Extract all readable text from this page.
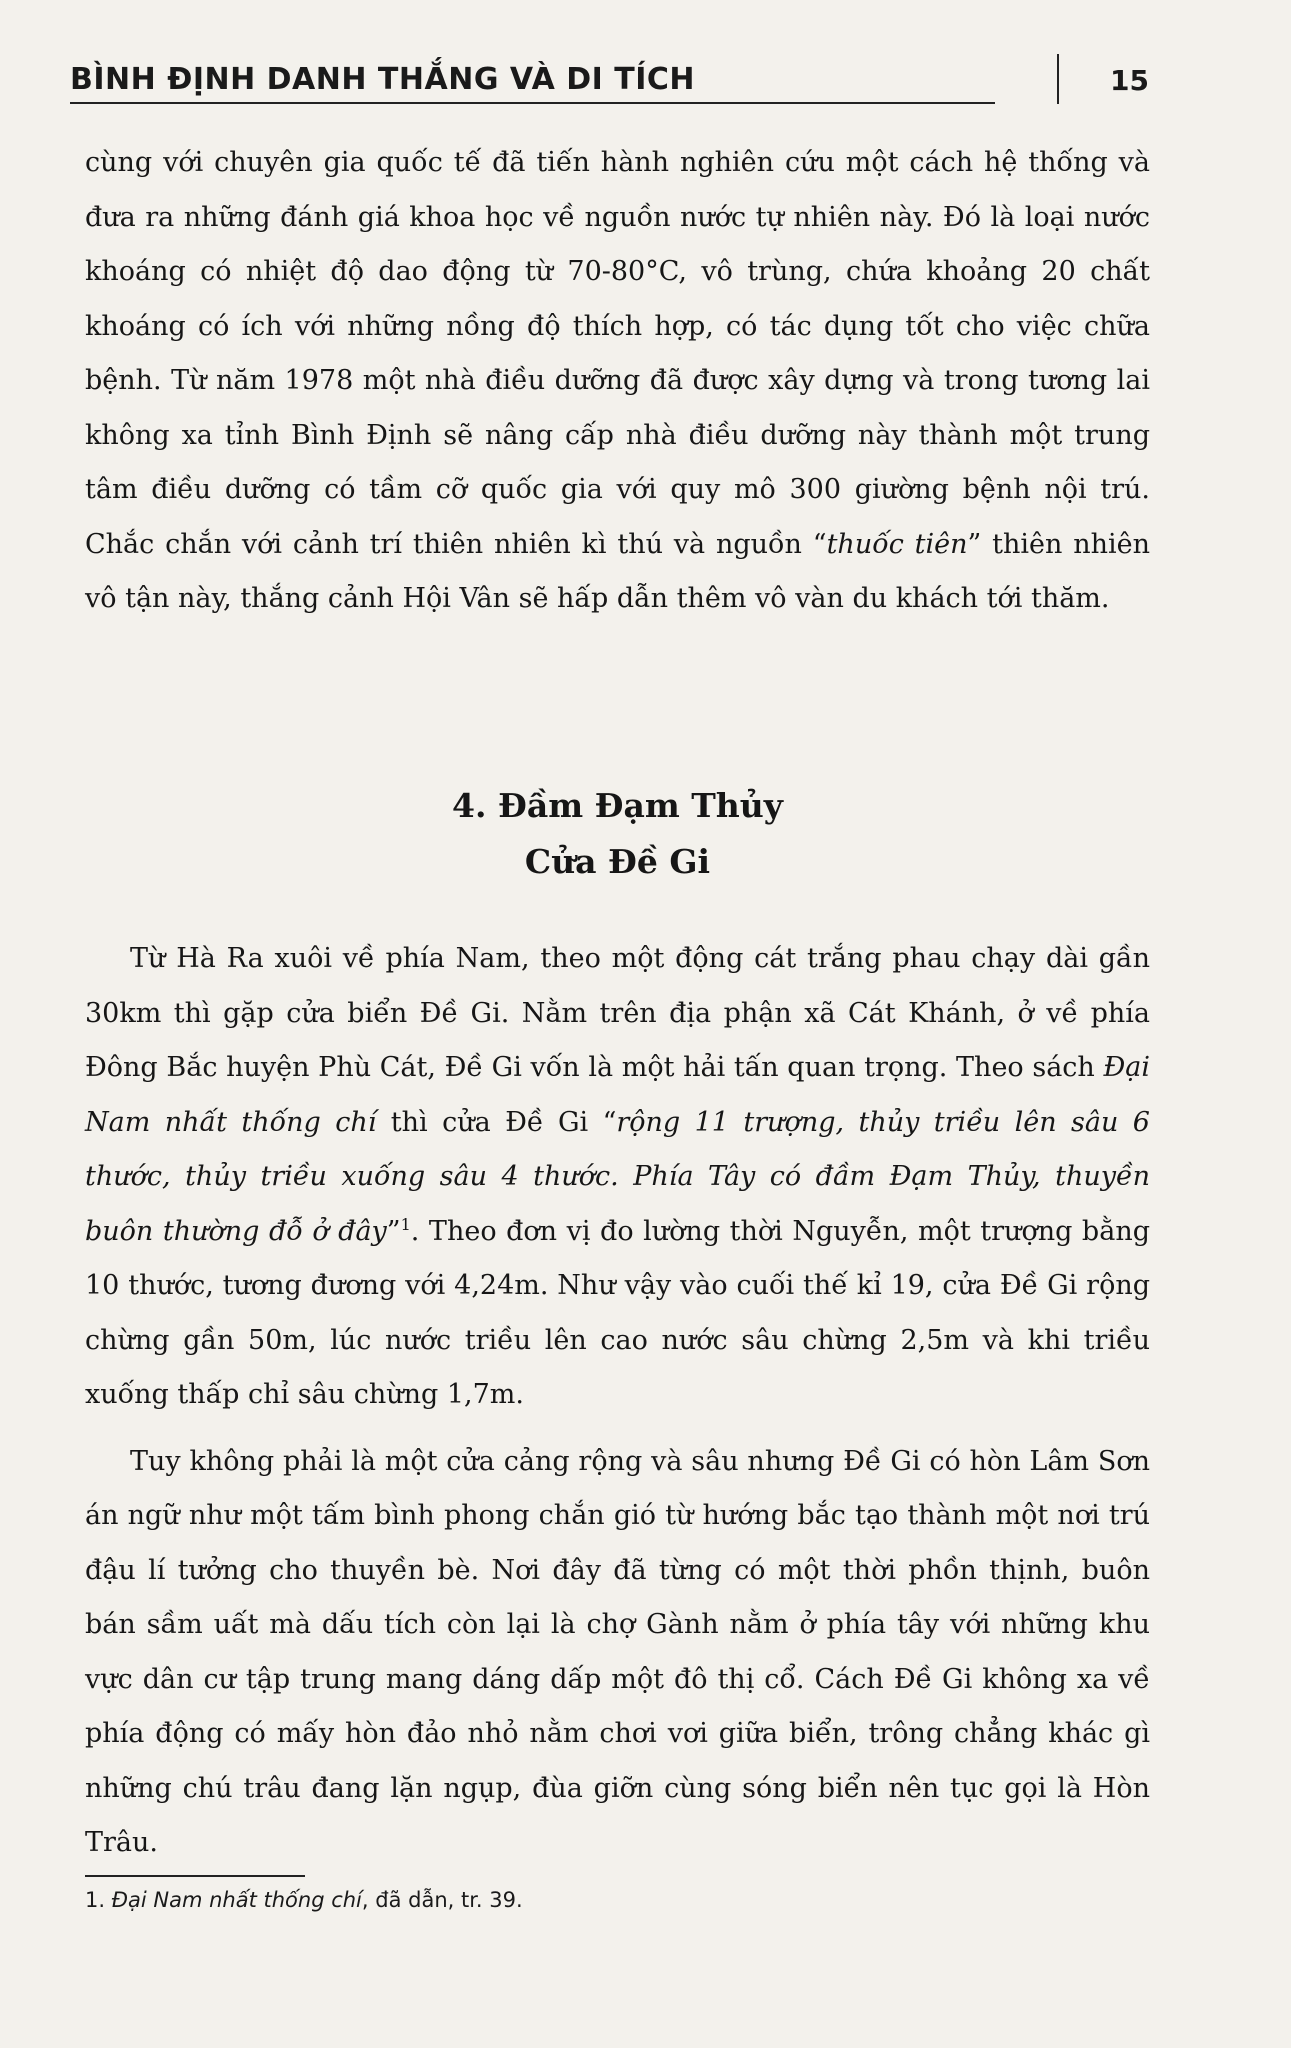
BÌNH ĐỊNH DANH THẮNG VÀ DI TÍCH	15

cùng với chuyên gia quốc tế đã tiến hành nghiên cứu một cách hệ thống và đưa ra những đánh giá khoa học về nguồn nước tự nhiên này. Đó là loại nước khoáng có nhiệt độ dao động từ 70-80°C, vô trùng, chứa khoảng 20 chất khoáng có ích với những nồng độ thích hợp, có tác dụng tốt cho việc chữa bệnh. Từ năm 1978 một nhà điều dưỡng đã được xây dựng và trong tương lai không xa tỉnh Bình Định sẽ nâng cấp nhà điều dưỡng này thành một trung tâm điều dưỡng có tầm cỡ quốc gia với quy mô 300 giường bệnh nội trú. Chắc chắn với cảnh trí thiên nhiên kì thú và nguồn “thuốc tiên” thiên nhiên vô tận này, thắng cảnh Hội Vân sẽ hấp dẫn thêm vô vàn du khách tới thăm.

4. Đầm Đạm Thủy
Cửa Đề Gi

Từ Hà Ra xuôi về phía Nam, theo một động cát trắng phau chạy dài gần 30km thì gặp cửa biển Đề Gi. Nằm trên địa phận xã Cát Khánh, ở về phía Đông Bắc huyện Phù Cát, Đề Gi vốn là một hải tấn quan trọng. Theo sách Đại Nam nhất thống chí thì cửa Đề Gi “rộng 11 trượng, thủy triều lên sâu 6 thước, thủy triều xuống sâu 4 thước. Phía Tây có đầm Đạm Thủy, thuyền buôn thường đỗ ở đây”$^1$. Theo đơn vị đo lường thời Nguyễn, một trượng bằng 10 thước, tương đương với 4,24m. Như vậy vào cuối thế kỉ 19, cửa Đề Gi rộng chừng gần 50m, lúc nước triều lên cao nước sâu chừng 2,5m và khi triều xuống thấp chỉ sâu chừng 1,7m.

Tuy không phải là một cửa cảng rộng và sâu nhưng Đề Gi có hòn Lâm Sơn án ngữ như một tấm bình phong chắn gió từ hướng bắc tạo thành một nơi trú đậu lí tưởng cho thuyền bè. Nơi đây đã từng có một thời phồn thịnh, buôn bán sầm uất mà dấu tích còn lại là chợ Gành nằm ở phía tây với những khu vực dân cư tập trung mang dáng dấp một đô thị cổ. Cách Đề Gi không xa về phía động có mấy hòn đảo nhỏ nằm chơi vơi giữa biển, trông chẳng khác gì những chú trâu đang lặn ngụp, đùa giỡn cùng sóng biển nên tục gọi là Hòn Trâu.

1. Đại Nam nhất thống chí, đã dẫn, tr. 39.
